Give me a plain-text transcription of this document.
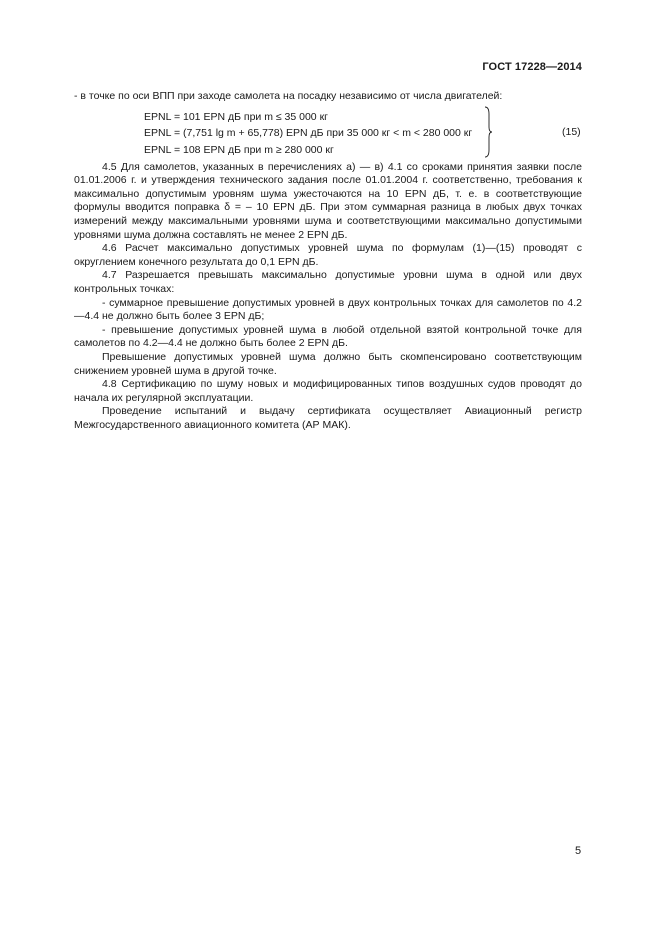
ГОСТ 17228—2014

- в точке по оси ВПП при заходе самолета на посадку независимо от числа двигателей:

EPNL = 101 EPN дБ при m ≤ 35 000 кг
EPNL = (7,751 lg m + 65,778) EPN дБ при 35 000 кг < m < 280 000 кг
EPNL = 108 EPN дБ при m ≥ 280 000 кг
(15)

4.5 Для самолетов, указанных в перечислениях а) — в) 4.1 со сроками принятия заявки после 01.01.2006 г. и утверждения технического задания после 01.01.2004 г. соответственно, требования к максимально допустимым уровням шума ужесточаются на 10 EPN дБ, т. е. в соответствующие формулы вводится поправка δ = – 10 EPN дБ. При этом суммарная разница в любых двух точках измерений между максимальными уровнями шума и соответствующими максимально допустимыми уровнями шума должна составлять не менее 2 EPN дБ.

4.6 Расчет максимально допустимых уровней шума по формулам (1)—(15) проводят с округлением конечного результата до 0,1 EPN дБ.

4.7 Разрешается превышать максимально допустимые уровни шума в одной или двух контрольных точках:

- суммарное превышение допустимых уровней в двух контрольных точках для самолетов по 4.2—4.4 не должно быть более 3 EPN дБ;

- превышение допустимых уровней шума в любой отдельной взятой контрольной точке для самолетов по 4.2—4.4 не должно быть более 2 EPN дБ.

Превышение допустимых уровней шума должно быть скомпенсировано соответствующим снижением уровней шума в другой точке.

4.8 Сертификацию по шуму новых и модифицированных типов воздушных судов проводят до начала их регулярной эксплуатации.

Проведение испытаний и выдачу сертификата осуществляет Авиационный регистр Межгосударственного авиационного комитета (АР МАК).

5
